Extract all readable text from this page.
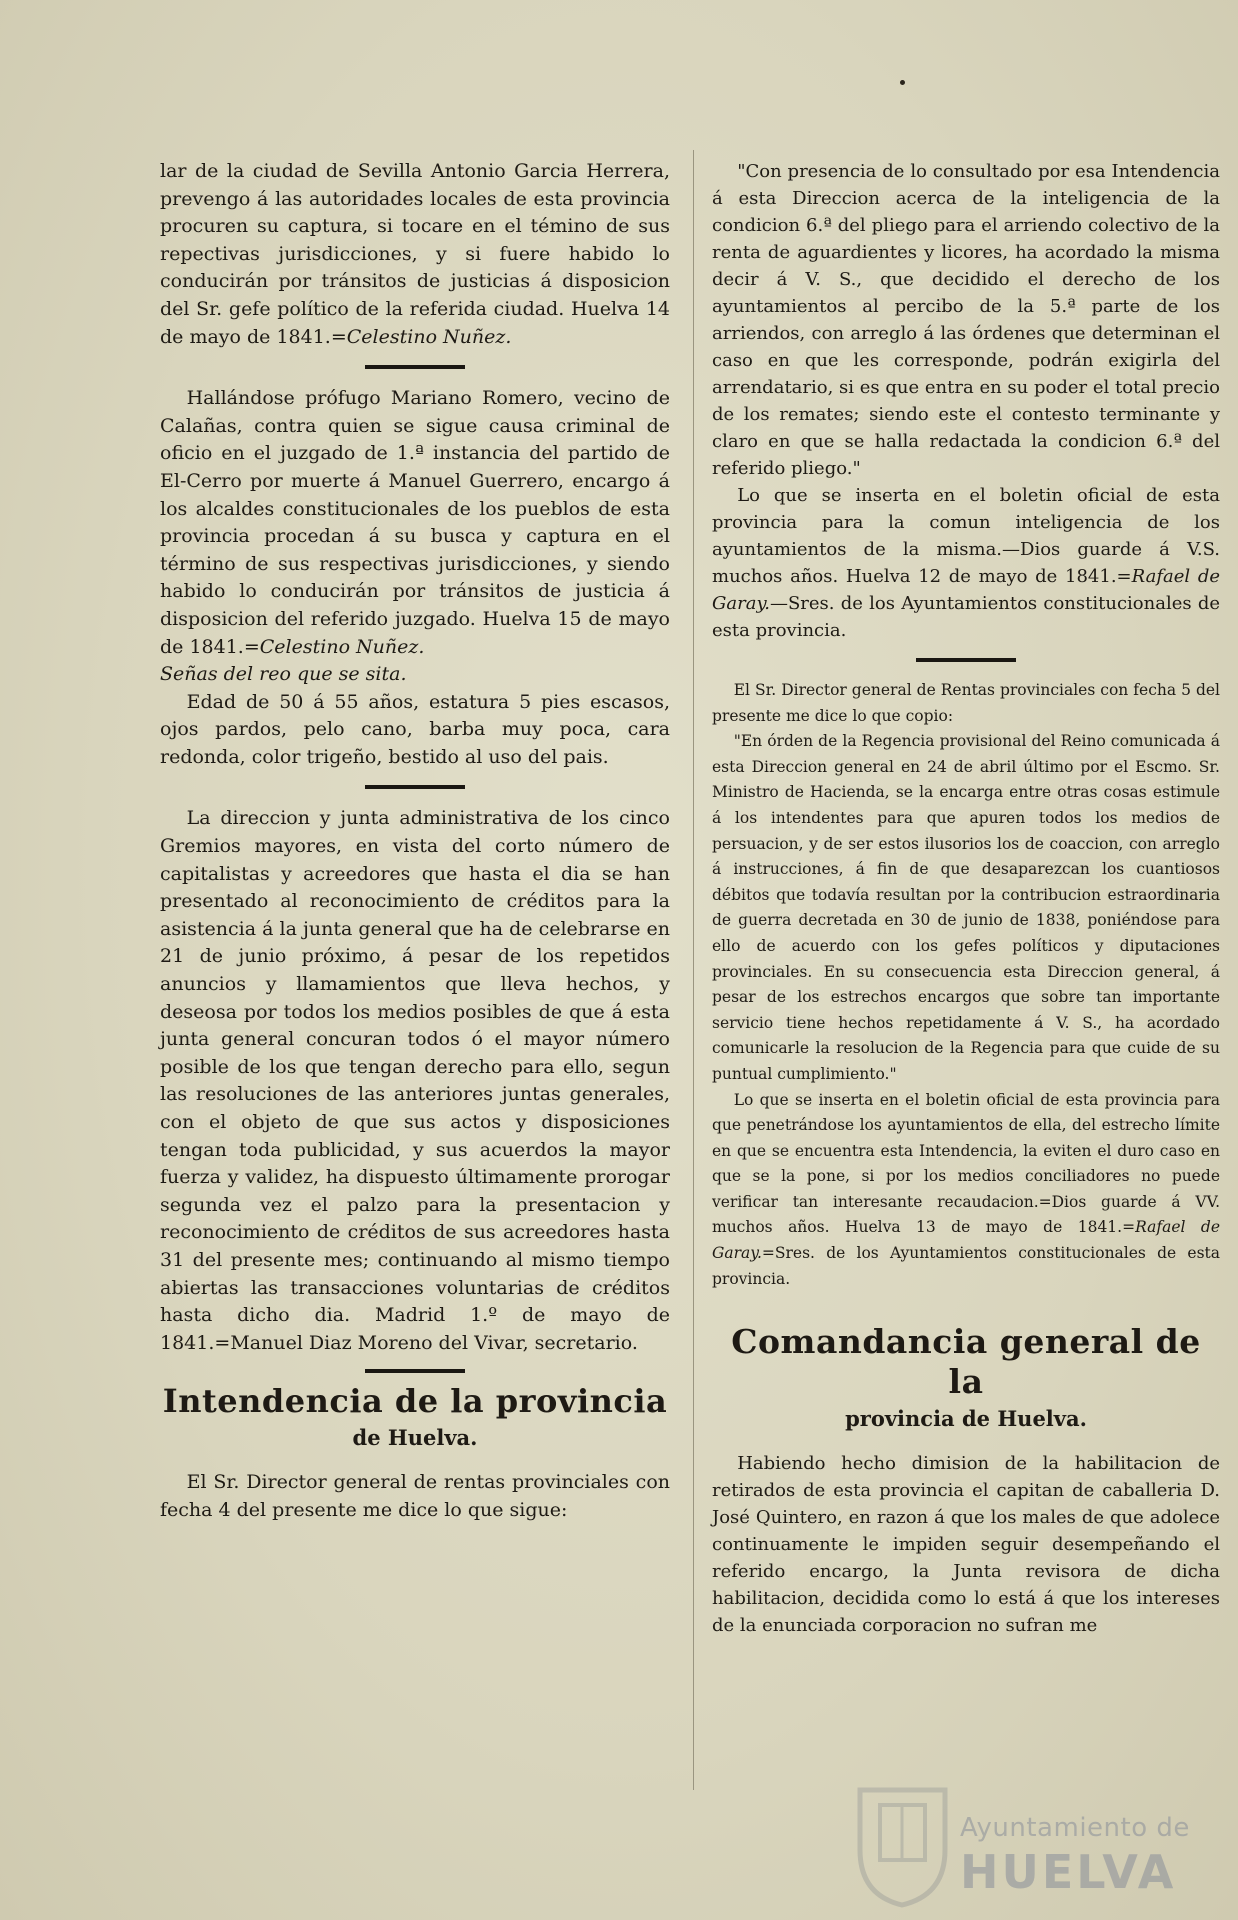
lar de la ciudad de Sevilla Antonio Garcia Herrera, prevengo á las autoridades locales de esta provincia procuren su captura, si tocare en el témino de sus repectivas jurisdicciones, y si fuere habido lo conducirán por tránsitos de justicias á disposicion del Sr. gefe político de la referida ciudad. Huelva 14 de mayo de 1841.=Celestino Nuñez.

Hallándose prófugo Mariano Romero, vecino de Calañas, contra quien se sigue causa criminal de oficio en el juzgado de 1.ª instancia del partido de El-Cerro por muerte á Manuel Guerrero, encargo á los alcaldes constitucionales de los pueblos de esta provincia procedan á su busca y captura en el término de sus respectivas jurisdicciones, y siendo habido lo conducirán por tránsitos de justicia á disposicion del referido juzgado. Huelva 15 de mayo de 1841.=Celestino Nuñez.

Señas del reo que se sita.

Edad de 50 á 55 años, estatura 5 pies escasos, ojos pardos, pelo cano, barba muy poca, cara redonda, color trigeño, bestido al uso del pais.

La direccion y junta administrativa de los cinco Gremios mayores, en vista del corto número de capitalistas y acreedores que hasta el dia se han presentado al reconocimiento de créditos para la asistencia á la junta general que ha de celebrarse en 21 de junio próximo, á pesar de los repetidos anuncios y llamamientos que lleva hechos, y deseosa por todos los medios posibles de que á esta junta general concuran todos ó el mayor número posible de los que tengan derecho para ello, segun las resoluciones de las anteriores juntas generales, con el objeto de que sus actos y disposiciones tengan toda publicidad, y sus acuerdos la mayor fuerza y validez, ha dispuesto últimamente prorogar segunda vez el palzo para la presentacion y reconocimiento de créditos de sus acreedores hasta 31 del presente mes; continuando al mismo tiempo abiertas las transacciones voluntarias de créditos hasta dicho dia. Madrid 1.º de mayo de 1841.=Manuel Diaz Moreno del Vivar, secretario.

Intendencia de la provincia
de Huelva.

El Sr. Director general de rentas provinciales con fecha 4 del presente me dice lo que sigue:

"Con presencia de lo consultado por esa Intendencia á esta Direccion acerca de la inteligencia de la condicion 6.ª del pliego para el arriendo colectivo de la renta de aguardientes y licores, ha acordado la misma decir á V. S., que decidido el derecho de los ayuntamientos al percibo de la 5.ª parte de los arriendos, con arreglo á las órdenes que determinan el caso en que les corresponde, podrán exigirla del arrendatario, si es que entra en su poder el total precio de los remates; siendo este el contesto terminante y claro en que se halla redactada la condicion 6.ª del referido pliego."

Lo que se inserta en el boletin oficial de esta provincia para la comun inteligencia de los ayuntamientos de la misma.—Dios guarde á V.S. muchos años. Huelva 12 de mayo de 1841.=Rafael de Garay.—Sres. de los Ayuntamientos constitucionales de esta provincia.

El Sr. Director general de Rentas provinciales con fecha 5 del presente me dice lo que copio:

"En órden de la Regencia provisional del Reino comunicada á esta Direccion general en 24 de abril último por el Escmo. Sr. Ministro de Hacienda, se la encarga entre otras cosas estimule á los intendentes para que apuren todos los medios de persuacion, y de ser estos ilusorios los de coaccion, con arreglo á instrucciones, á fin de que desaparezcan los cuantiosos débitos que todavía resultan por la contribucion estraordinaria de guerra decretada en 30 de junio de 1838, poniéndose para ello de acuerdo con los gefes políticos y diputaciones provinciales. En su consecuencia esta Direccion general, á pesar de los estrechos encargos que sobre tan importante servicio tiene hechos repetidamente á V. S., ha acordado comunicarle la resolucion de la Regencia para que cuide de su puntual cumplimiento."

Lo que se inserta en el boletin oficial de esta provincia para que penetrándose los ayuntamientos de ella, del estrecho límite en que se encuentra esta Intendencia, la eviten el duro caso en que se la pone, si por los medios conciliadores no puede verificar tan interesante recaudacion.=Dios guarde á VV. muchos años. Huelva 13 de mayo de 1841.=Rafael de Garay.=Sres. de los Ayuntamientos constitucionales de esta provincia.

Comandancia general de la
provincia de Huelva.

Habiendo hecho dimision de la habilitacion de retirados de esta provincia el capitan de caballeria D. José Quintero, en razon á que los males de que adolece continuamente le impiden seguir desempeñando el referido encargo, la Junta revisora de dicha habilitacion, decidida como lo está á que los intereses de la enunciada corporacion no sufran me

Ayuntamiento de
HUELVA
